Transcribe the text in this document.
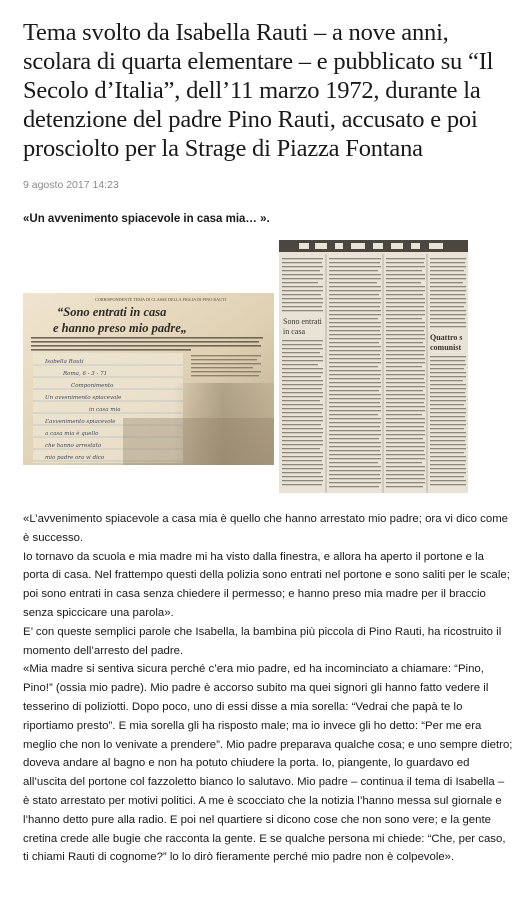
Tema svolto da Isabella Rauti – a nove anni, scolara di quarta elementare – e pubblicato su “Il Secolo d’Italia”, dell’11 marzo 1972, durante la detenzione del padre Pino Rauti, accusato e poi prosciolto per la Strage di Piazza Fontana
9 agosto 2017 14:23
«Un avvenimento spiacevole in casa mia… ».
CORRISPONDENTE TEMA DI CLASSE DELLA FIGLIA DI PINO RAUTI
“Sono entrati in casa
e hanno preso mio padre„
Isabella Rauti
Roma, 6 - 3 - 71
Componimento
Un avvenimento spiacevole
in casa mia
L’avvenimento spiacevole
a casa mia è quello
che hanno arrestato
mio padre ora vi dico
Sono entrati
in casa
Quattro s
comunist

«L’avvenimento spiacevole a casa mia è quello che hanno arrestato mio padre; ora vi dico come è successo.

Io tornavo da scuola e mia madre mi ha visto dalla finestra, e allora ha aperto il portone e la porta di casa. Nel frattempo questi della polizia sono entrati nel portone e sono saliti per le scale; poi sono entrati in casa senza chiedere il permesso; e hanno preso mia madre per il braccio senza spiccicare una parola».

E’ con queste semplici parole che Isabella, la bambina più piccola di Pino Rauti, ha ricostruito il momento dell’arresto del padre.

«Mia madre si sentiva sicura perché c’era mio padre, ed ha incominciato a chiamare: “Pino, Pino!” (ossia mio padre). Mio padre è accorso subito ma quei signori gli hanno fatto vedere il tesserino di poliziotti. Dopo poco, uno di essi disse a mia sorella: “Vedrai che papà te lo riportiamo presto”. E mia sorella gli ha risposto male; ma io invece gli ho detto: “Per me era meglio che non lo venivate a prendere”. Mio padre preparava qualche cosa; e uno sempre dietro; doveva andare al bagno e non ha potuto chiudere la porta. Io, piangente, lo guardavo ed all’uscita del portone col fazzoletto bianco lo salutavo. Mio padre – continua il tema di Isabella – è stato arrestato per motivi politici. A me è scocciato che la notizia l’hanno messa sul giornale e l’hanno detto pure alla radio. E poi nel quartiere si dicono cose che non sono vere; e la gente cretina crede alle bugie che racconta la gente. E se qualche persona mi chiede: “Che, per caso, ti chiami Rauti di cognome?” lo lo dirò fieramente perché mio padre non è colpevole».
